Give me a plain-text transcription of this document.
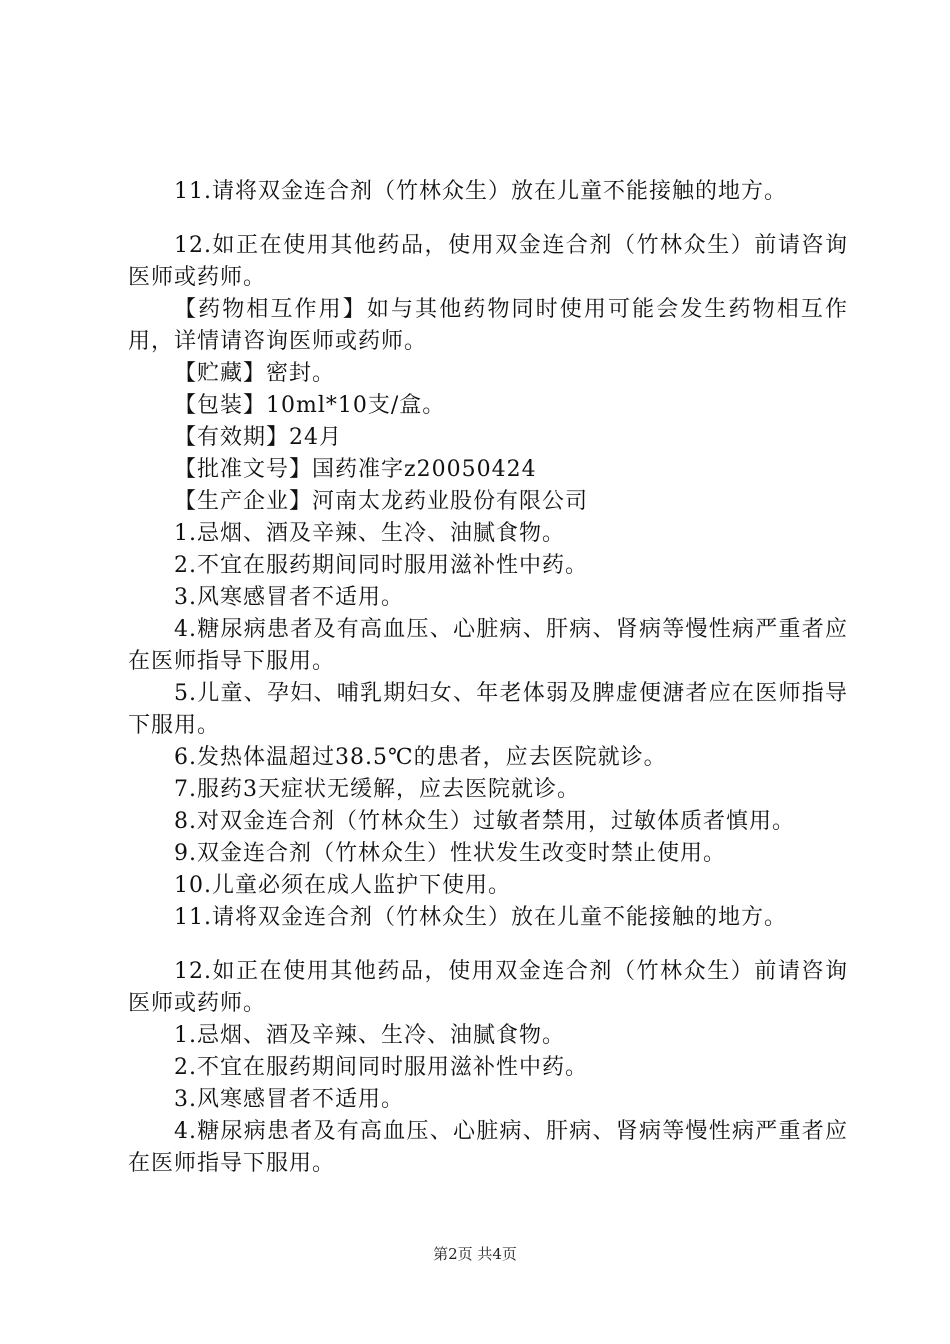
11.请将双金连合剂（竹林众生）放在儿童不能接触的地方。

12.如正在使用其他药品，使用双金连合剂（竹林众生）前请咨询医师或药师。

【药物相互作用】如与其他药物同时使用可能会发生药物相互作用，详情请咨询医师或药师。

【贮藏】密封。

【包装】10ml*10支/盒。

【有效期】24月

【批准文号】国药准字z20050424

【生产企业】河南太龙药业股份有限公司

1.忌烟、酒及辛辣、生冷、油腻食物。

2.不宜在服药期间同时服用滋补性中药。

3.风寒感冒者不适用。

4.糖尿病患者及有高血压、心脏病、肝病、肾病等慢性病严重者应在医师指导下服用。

5.儿童、孕妇、哺乳期妇女、年老体弱及脾虚便溏者应在医师指导下服用。

6.发热体温超过38.5℃的患者，应去医院就诊。

7.服药3天症状无缓解，应去医院就诊。

8.对双金连合剂（竹林众生）过敏者禁用，过敏体质者慎用。

9.双金连合剂（竹林众生）性状发生改变时禁止使用。

10.儿童必须在成人监护下使用。

11.请将双金连合剂（竹林众生）放在儿童不能接触的地方。

12.如正在使用其他药品，使用双金连合剂（竹林众生）前请咨询医师或药师。

1.忌烟、酒及辛辣、生冷、油腻食物。

2.不宜在服药期间同时服用滋补性中药。

3.风寒感冒者不适用。

4.糖尿病患者及有高血压、心脏病、肝病、肾病等慢性病严重者应在医师指导下服用。

第2页 共4页
